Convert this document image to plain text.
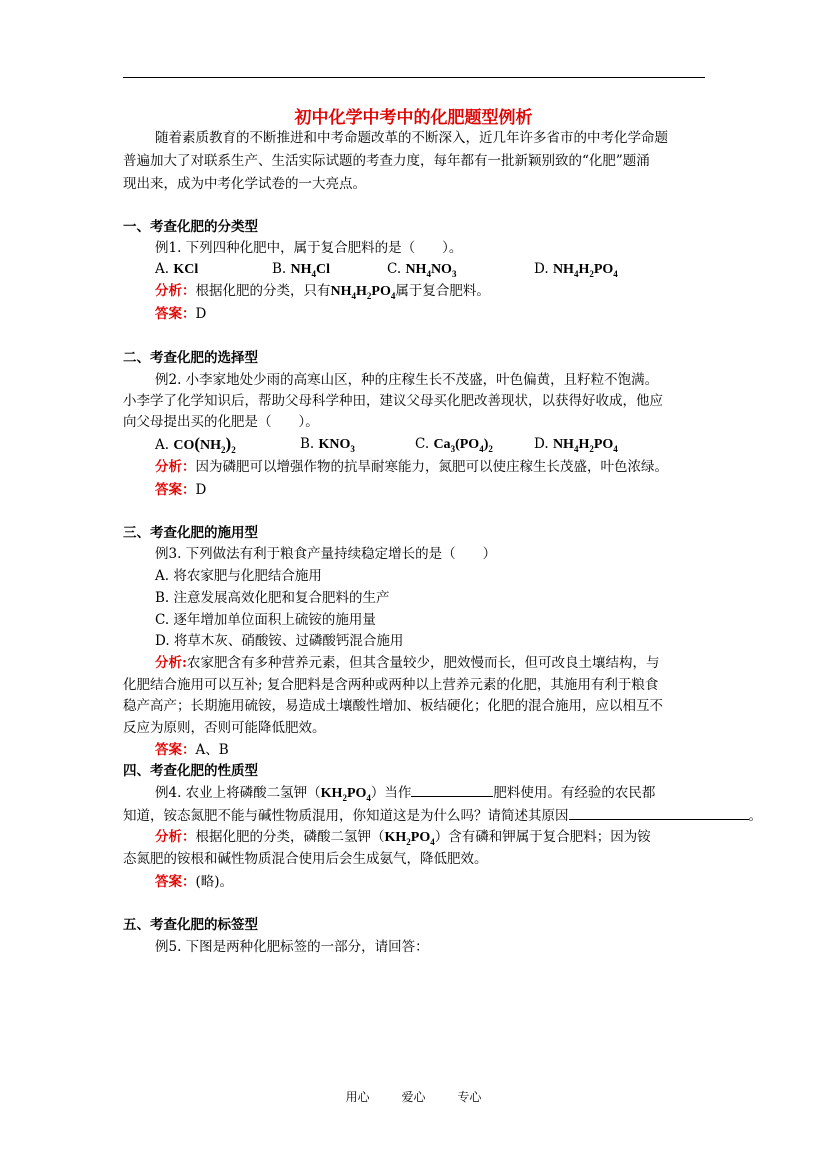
初中化学中考中的化肥题型例析
随着素质教育的不断推进和中考命题改革的不断深入，近几年许多省市的中考化学命题
普遍加大了对联系生产、生活实际试题的考查力度，每年都有一批新颖别致的“化肥”题涌
现出来，成为中考化学试卷的一大亮点。
一、考查化肥的分类型
例1. 下列四种化肥中，属于复合肥料的是（　　）。
A. KCl	B. $NH_4Cl$	C. $NH_4NO_3$	D. $NH_4H_2PO_4$
分析：根据化肥的分类，只有$NH_4H_2PO_4$属于复合肥料。
答案：D
二、考查化肥的选择型
例2. 小李家地处少雨的高寒山区，种的庄稼生长不茂盛，叶色偏黄，且籽粒不饱满。
小李学了化学知识后，帮助父母科学种田，建议父母买化肥改善现状，以获得好收成，他应
向父母提出买的化肥是（　　）。
A. $CO(NH_2)_2$	B. $KNO_3$	C. $Ca_3(PO_4)_2$	D. $NH_4H_2PO_4$
分析：因为磷肥可以增强作物的抗旱耐寒能力，氮肥可以使庄稼生长茂盛，叶色浓绿。
答案：D
三、考查化肥的施用型
例3. 下列做法有利于粮食产量持续稳定增长的是（　　）
A. 将农家肥与化肥结合施用
B. 注意发展高效化肥和复合肥料的生产
C. 逐年增加单位面积上硫铵的施用量
D. 将草木灰、硝酸铵、过磷酸钙混合施用
分析:农家肥含有多种营养元素，但其含量较少，肥效慢而长，但可改良土壤结构，与
化肥结合施用可以互补; 复合肥料是含两种或两种以上营养元素的化肥，其施用有利于粮食
稳产高产；长期施用硫铵，易造成土壤酸性增加、板结硬化；化肥的混合施用，应以相互不
反应为原则，否则可能降低肥效。
答案：A、B
四、考查化肥的性质型
例4. 农业上将磷酸二氢钾$(KH_2PO_4)$当作	肥料使用。有经验的农民都
知道，铵态氮肥不能与碱性物质混用，你知道这是为什么吗？请简述其原因	。
分析：根据化肥的分类，磷酸二氢钾$(KH_2PO_4)$含有磷和钾属于复合肥料；因为铵
态氮肥的铵根和碱性物质混合使用后会生成氨气，降低肥效。
答案：(略)。
五、考查化肥的标签型
例5. 下图是两种化肥标签的一部分，请回答：
用心	爱心	专心
